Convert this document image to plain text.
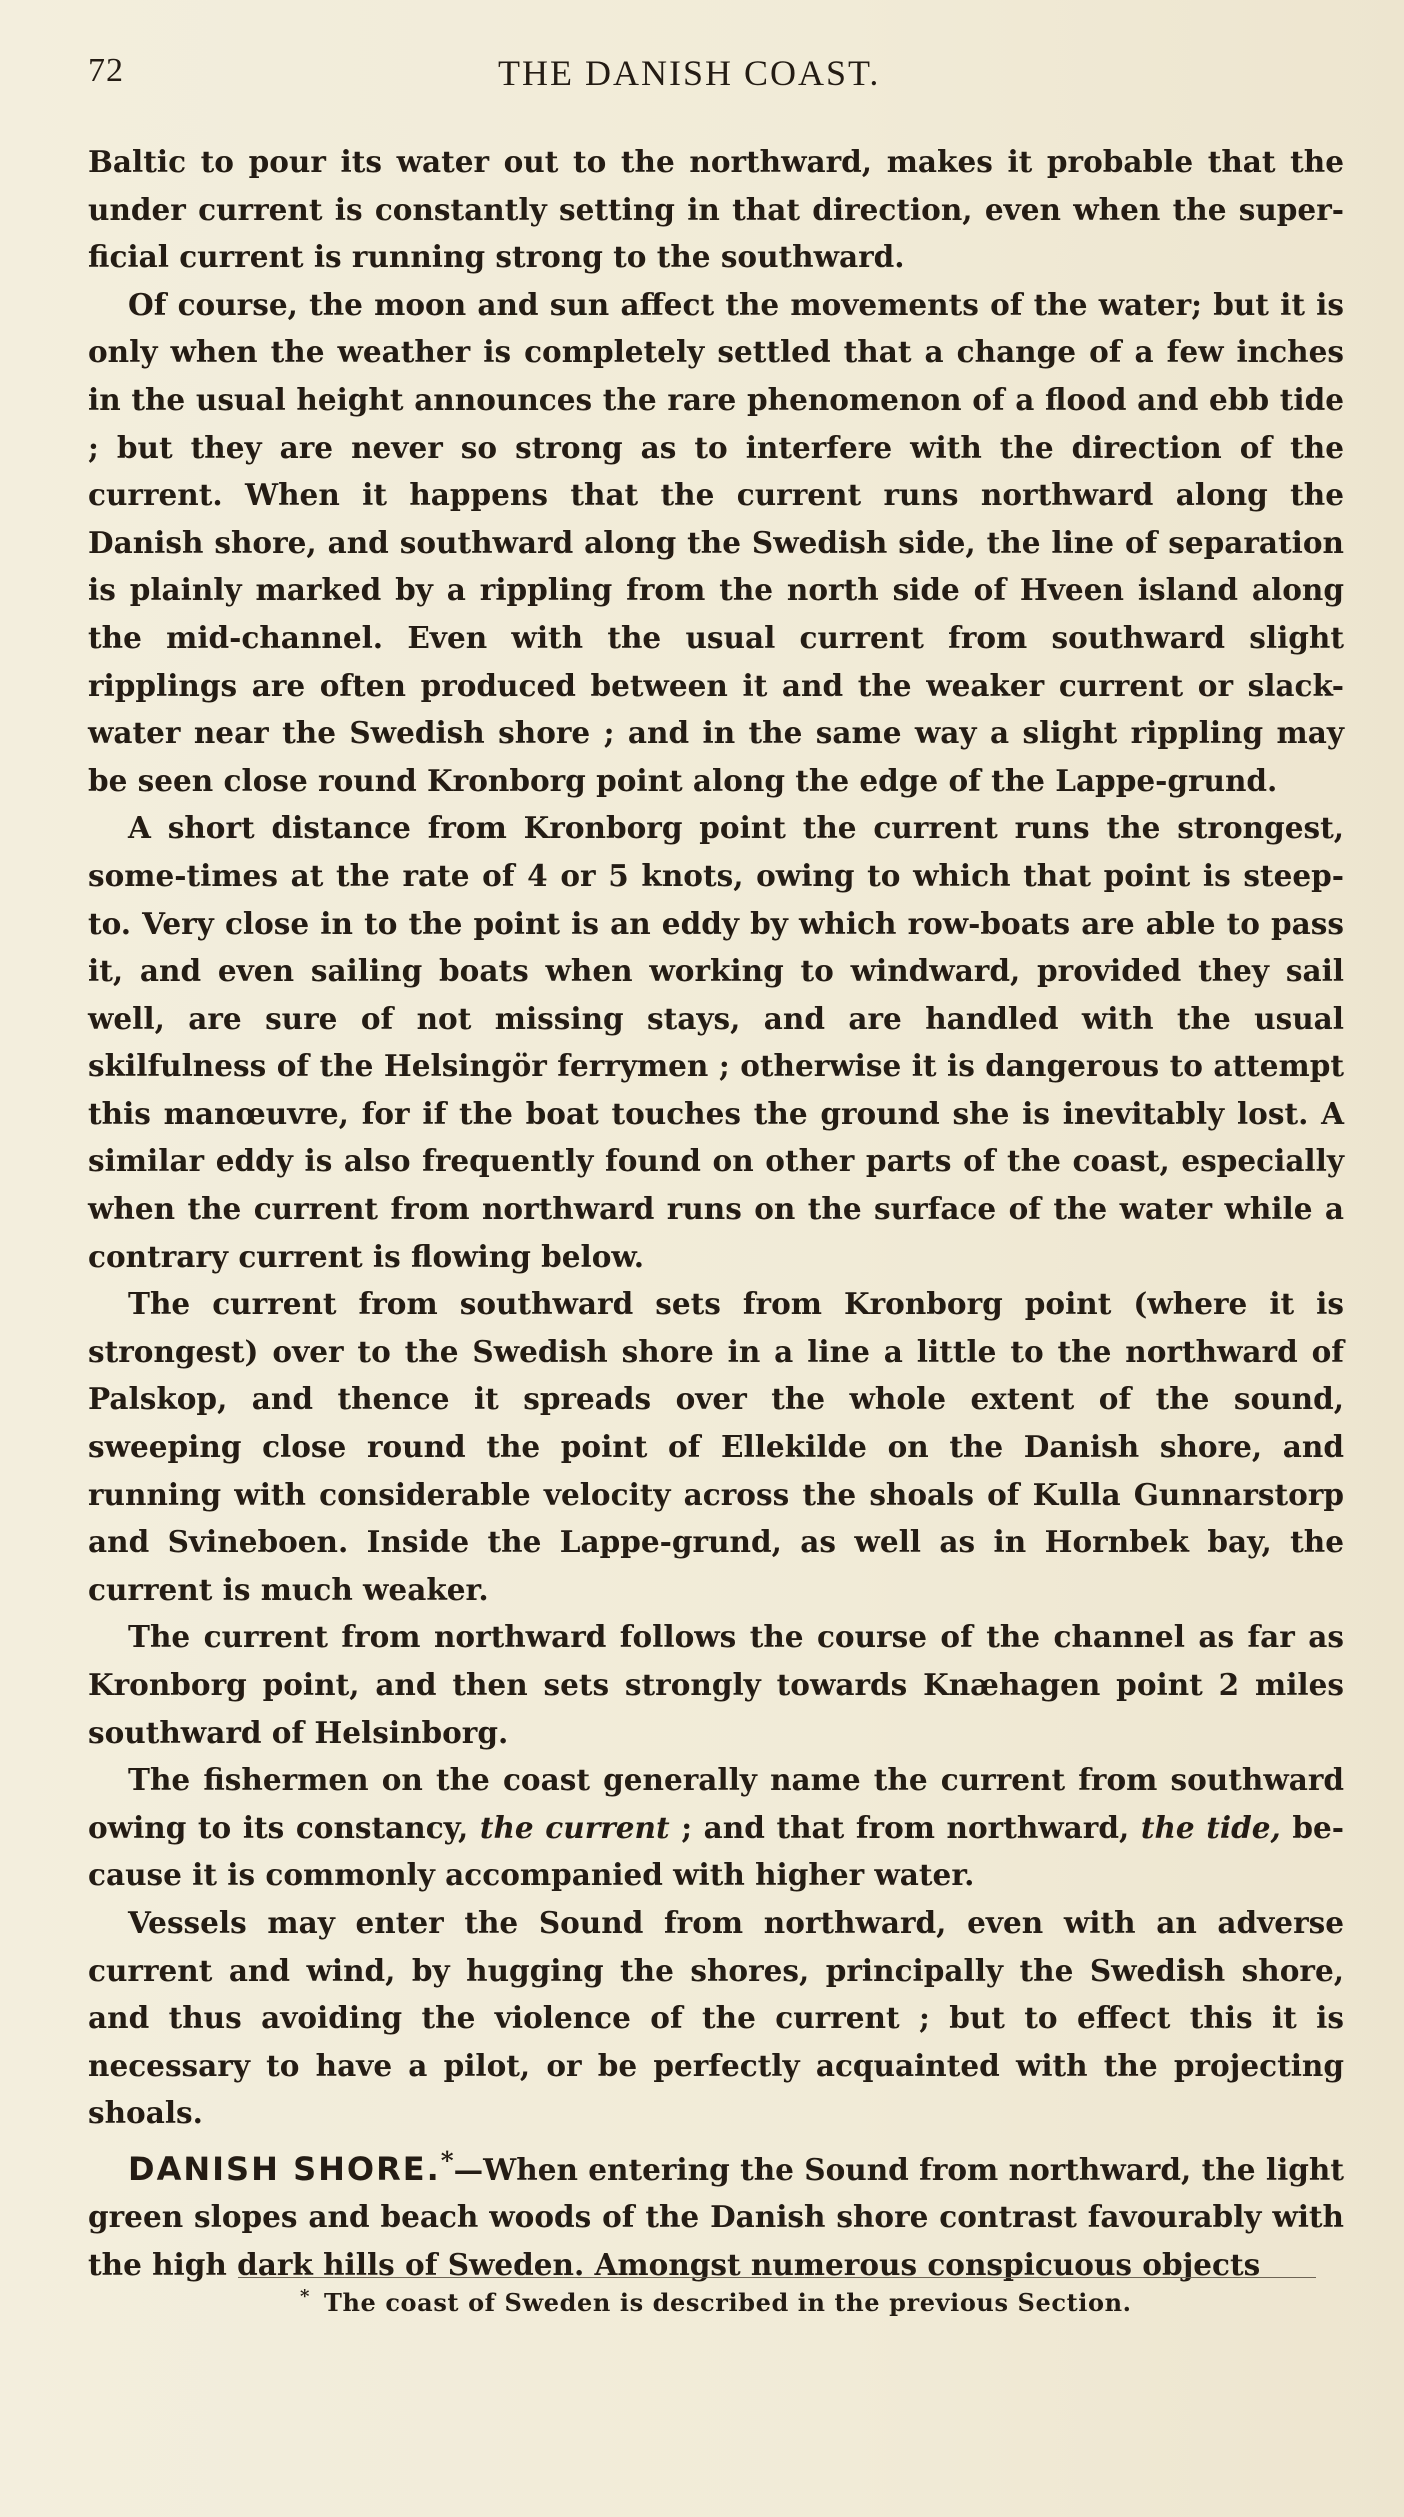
72	THE DANISH COAST.

Baltic to pour its water out to the northward, makes it probable that the under current is constantly setting in that direction, even when the super-ficial current is running strong to the southward.

Of course, the moon and sun affect the movements of the water; but it is only when the weather is completely settled that a change of a few inches in the usual height announces the rare phenomenon of a flood and ebb tide ; but they are never so strong as to interfere with the direction of the current. When it happens that the current runs northward along the Danish shore, and southward along the Swedish side, the line of separation is plainly marked by a rippling from the north side of Hveen island along the mid-channel. Even with the usual current from southward slight ripplings are often produced between it and the weaker current or slack-water near the Swedish shore ; and in the same way a slight rippling may be seen close round Kronborg point along the edge of the Lappe-grund.

A short distance from Kronborg point the current runs the strongest, some-times at the rate of 4 or 5 knots, owing to which that point is steep-to. Very close in to the point is an eddy by which row-boats are able to pass it, and even sailing boats when working to windward, provided they sail well, are sure of not missing stays, and are handled with the usual skilfulness of the Helsingör ferrymen ; otherwise it is dangerous to attempt this manœuvre, for if the boat touches the ground she is inevitably lost. A similar eddy is also frequently found on other parts of the coast, especially when the current from northward runs on the surface of the water while a contrary current is flowing below.

The current from southward sets from Kronborg point (where it is strongest) over to the Swedish shore in a line a little to the northward of Palskop, and thence it spreads over the whole extent of the sound, sweeping close round the point of Ellekilde on the Danish shore, and running with considerable velocity across the shoals of Kulla Gunnarstorp and Svineboen. Inside the Lappe-grund, as well as in Hornbek bay, the current is much weaker.

The current from northward follows the course of the channel as far as Kronborg point, and then sets strongly towards Knæhagen point 2 miles southward of Helsinborg.

The fishermen on the coast generally name the current from southward owing to its constancy, the current ; and that from northward, the tide, be-cause it is commonly accompanied with higher water.

Vessels may enter the Sound from northward, even with an adverse current and wind, by hugging the shores, principally the Swedish shore, and thus avoiding the violence of the current ; but to effect this it is necessary to have a pilot, or be perfectly acquainted with the projecting shoals.

DANISH SHORE.*—When entering the Sound from northward, the light green slopes and beach woods of the Danish shore contrast favourably with the high dark hills of Sweden. Amongst numerous conspicuous objects

* The coast of Sweden is described in the previous Section.
